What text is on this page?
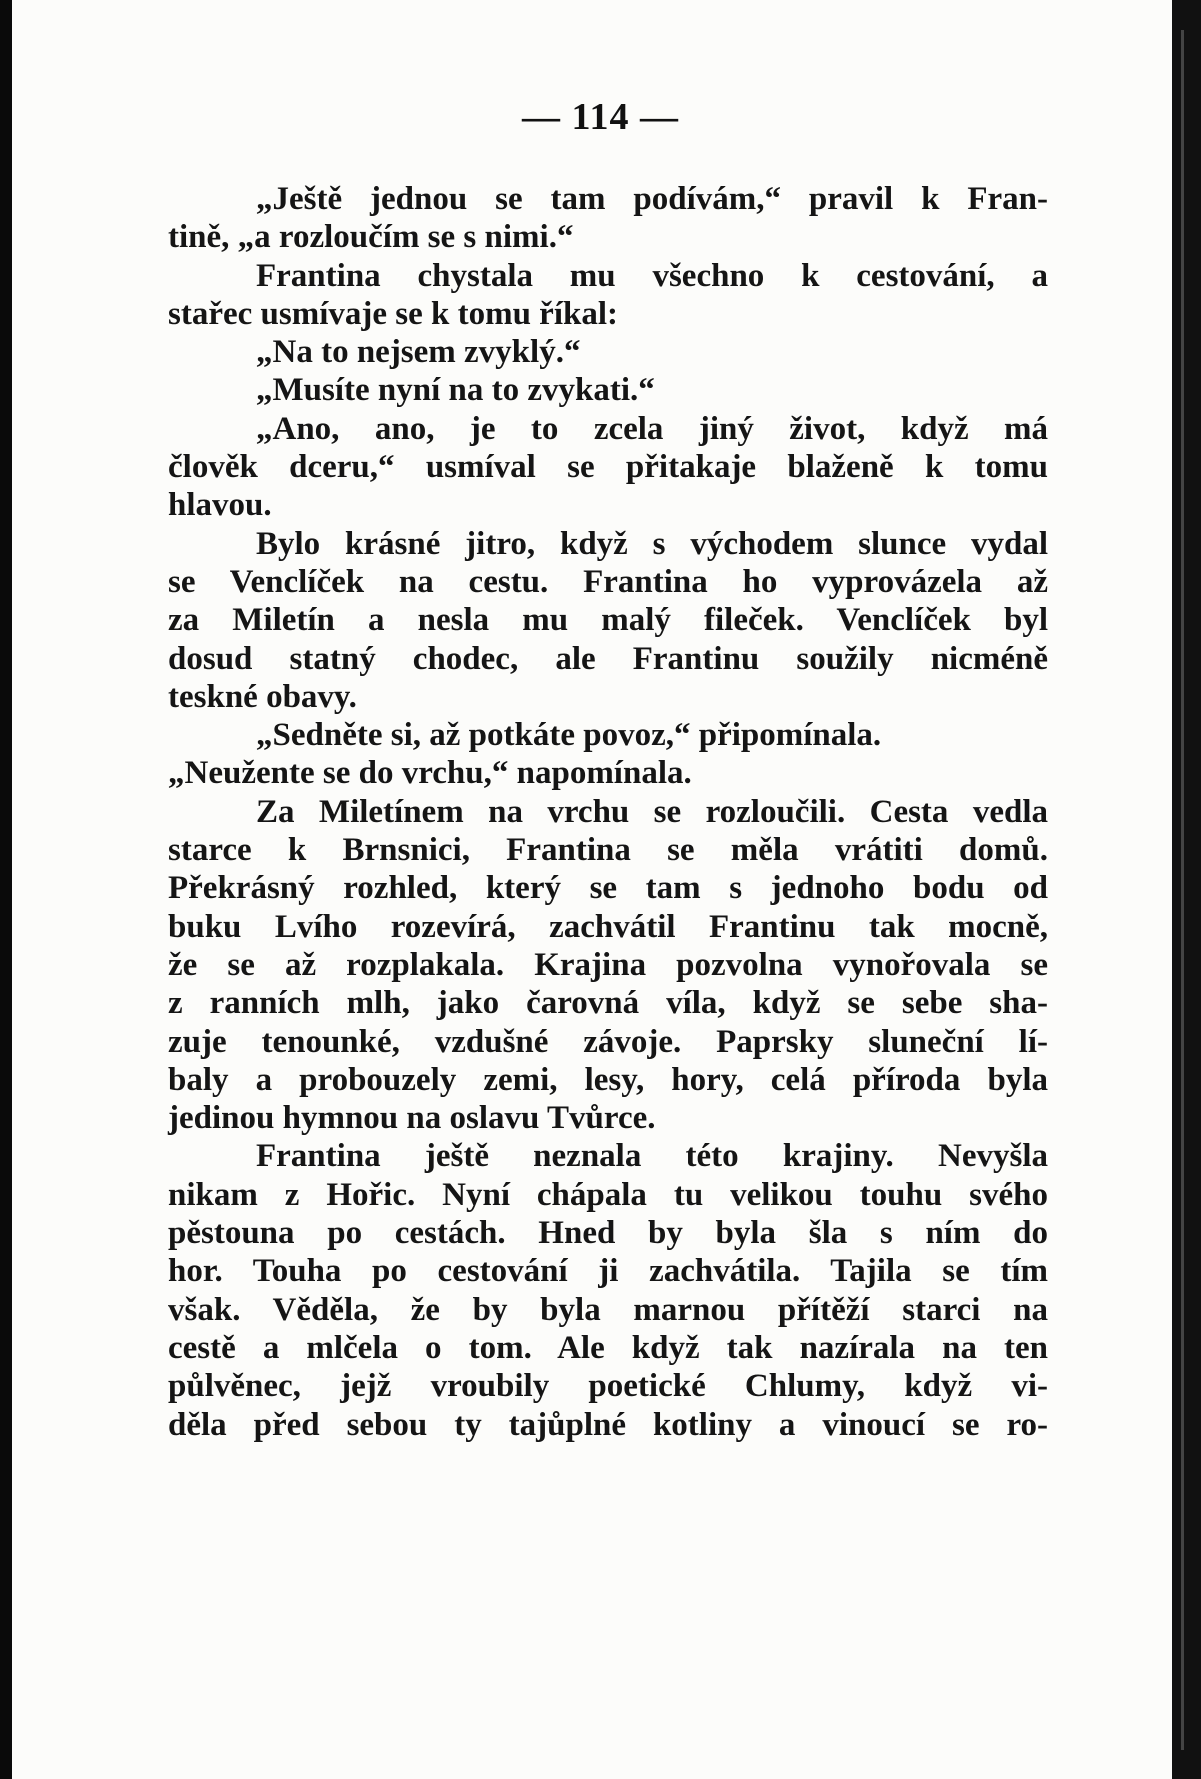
— 114 —
„Ještě jednou se tam podívám,“ pravil k Fran-
tině, „a rozloučím se s nimi.“
Frantina chystala mu všechno k cestování, a
stařec usmívaje se k tomu říkal:
„Na to nejsem zvyklý.“
„Musíte nyní na to zvykati.“
„Ano, ano, je to zcela jiný život, když má
člověk dceru,“ usmíval se přitakaje blaženě k tomu
hlavou.
Bylo krásné jitro, když s východem slunce vydal
se Venclíček na cestu. Frantina ho vyprovázela až
za Miletín a nesla mu malý fileček. Venclíček byl
dosud statný chodec, ale Frantinu soužily nicméně
teskné obavy.
„Sedněte si, až potkáte povoz,“ připomínala.
„Neužente se do vrchu,“ napomínala.
Za Miletínem na vrchu se rozloučili. Cesta vedla
starce k Brnsnici, Frantina se měla vrátiti domů.
Překrásný rozhled, který se tam s jednoho bodu od
buku Lvího rozevírá, zachvátil Frantinu tak mocně,
že se až rozplakala. Krajina pozvolna vynořovala se
z ranních mlh, jako čarovná víla, když se sebe sha-
zuje tenounké, vzdušné závoje. Paprsky sluneční lí-
baly a probouzely zemi, lesy, hory, celá příroda byla
jedinou hymnou na oslavu Tvůrce.
Frantina ještě neznala této krajiny. Nevyšla
nikam z Hořic. Nyní chápala tu velikou touhu svého
pěstouna po cestách. Hned by byla šla s ním do
hor. Touha po cestování ji zachvátila. Tajila se tím
však. Věděla, že by byla marnou přítěží starci na
cestě a mlčela o tom. Ale když tak nazírala na ten
půlvěnec, jejž vroubily poetické Chlumy, když vi-
děla před sebou ty tajůplné kotliny a vinoucí se ro-
